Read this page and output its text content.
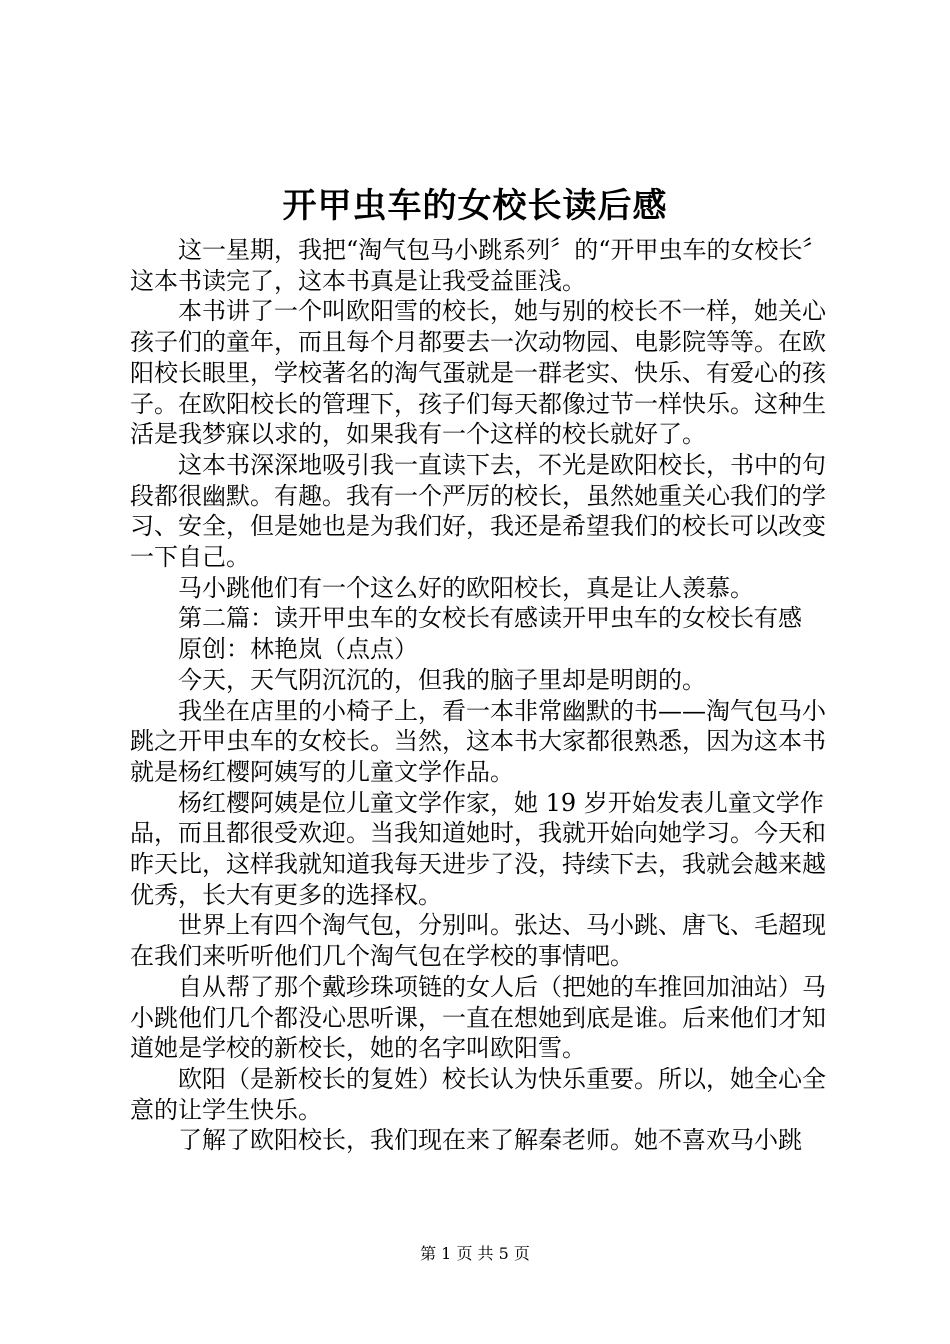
开甲虫车的女校长读后感

这一星期，我把“淘气包马小跳系列〞的“开甲虫车的女校长〞这本书读完了，这本书真是让我受益匪浅。

本书讲了一个叫欧阳雪的校长，她与别的校长不一样，她关心孩子们的童年，而且每个月都要去一次动物园、电影院等等。在欧阳校长眼里，学校著名的淘气蛋就是一群老实、快乐、有爱心的孩子。在欧阳校长的管理下，孩子们每天都像过节一样快乐。这种生活是我梦寐以求的，如果我有一个这样的校长就好了。

这本书深深地吸引我一直读下去，不光是欧阳校长，书中的句段都很幽默。有趣。我有一个严厉的校长，虽然她重关心我们的学习、安全，但是她也是为我们好，我还是希望我们的校长可以改变一下自己。

马小跳他们有一个这么好的欧阳校长，真是让人羡慕。

第二篇：读开甲虫车的女校长有感读开甲虫车的女校长有感

原创：林艳岚（点点）

今天，天气阴沉沉的，但我的脑子里却是明朗的。

我坐在店里的小椅子上，看一本非常幽默的书——淘气包马小跳之开甲虫车的女校长。当然，这本书大家都很熟悉，因为这本书就是杨红樱阿姨写的儿童文学作品。

杨红樱阿姨是位儿童文学作家，她 19 岁开始发表儿童文学作品，而且都很受欢迎。当我知道她时，我就开始向她学习。今天和昨天比，这样我就知道我每天进步了没，持续下去，我就会越来越优秀，长大有更多的选择权。

世界上有四个淘气包，分别叫。张达、马小跳、唐飞、毛超现在我们来听听他们几个淘气包在学校的事情吧。

自从帮了那个戴珍珠项链的女人后（把她的车推回加油站）马小跳他们几个都没心思听课，一直在想她到底是谁。后来他们才知道她是学校的新校长，她的名字叫欧阳雪。

欧阳（是新校长的复姓）校长认为快乐重要。所以，她全心全意的让学生快乐。

了解了欧阳校长，我们现在来了解秦老师。她不喜欢马小跳

第 1 页 共 5 页
